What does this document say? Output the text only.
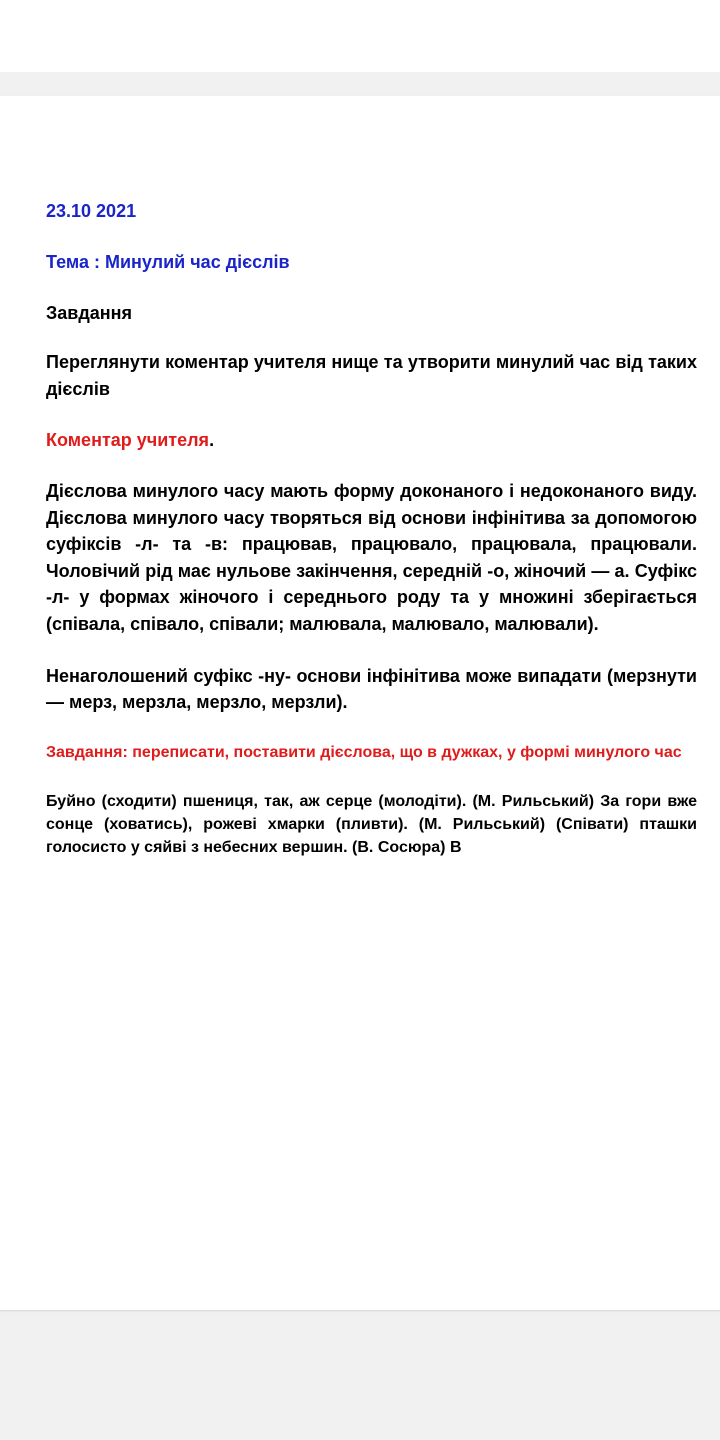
23.10 2021

Тема : Минулий час дієслів

Завдання

Переглянути коментар учителя нище та утворити минулий час від таких дієслів

Коментар учителя.

Дієслова минулого часу мають форму доконаного і недоконаного виду. Дієслова минулого часу творяться від основи інфінітива за допомогою суфіксів -л- та -в: працював, працювало, працювала, працювали. Чоловічий рід має нульове закінчення, середній -о, жіночий — а. Суфікс -л- у формах жіночого і середнього роду та у множині зберігається (співала, співало, співали; малювала, малювало, малювали).

Ненаголошений суфікс -ну- основи інфінітива може випадати (мерзнути — мерз, мерзла, мерзло, мерзли).

Завдання: переписати, поставити дієслова, що в дужках, у формі минулого час

Буйно (сходити) пшениця, так, аж серце (молодіти). (М. Рильський) За гори вже сонце (ховатись), рожеві хмарки (пливти). (М. Рильський) (Співати) пташки голосисто у сяйві з небесних вершин. (В. Сосюра) В
